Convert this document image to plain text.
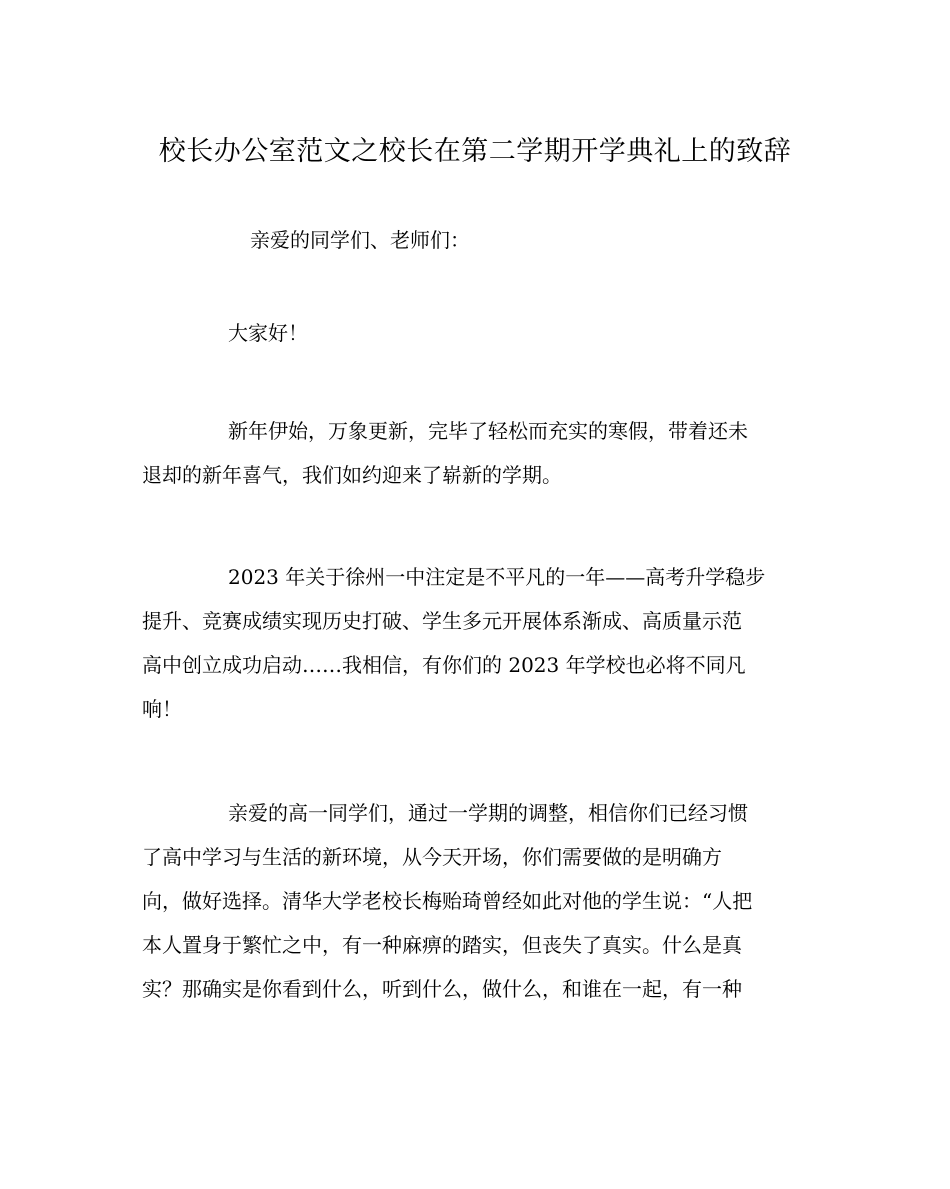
校长办公室范文之校长在第二学期开学典礼上的致辞

亲爱的同学们、老师们：

大家好！

新年伊始，万象更新，完毕了轻松而充实的寒假，带着还未
退却的新年喜气，我们如约迎来了崭新的学期。

2023 年关于徐州一中注定是不平凡的一年——高考升学稳步
提升、竞赛成绩实现历史打破、学生多元开展体系渐成、高质量示范
高中创立成功启动……我相信，有你们的 2023 年学校也必将不同凡
响！

亲爱的高一同学们，通过一学期的调整，相信你们已经习惯
了高中学习与生活的新环境，从今天开场，你们需要做的是明确方
向，做好选择。清华大学老校长梅贻琦曾经如此对他的学生说：“人把
本人置身于繁忙之中，有一种麻痹的踏实，但丧失了真实。什么是真
实？那确实是你看到什么，听到什么，做什么，和谁在一起，有一种
